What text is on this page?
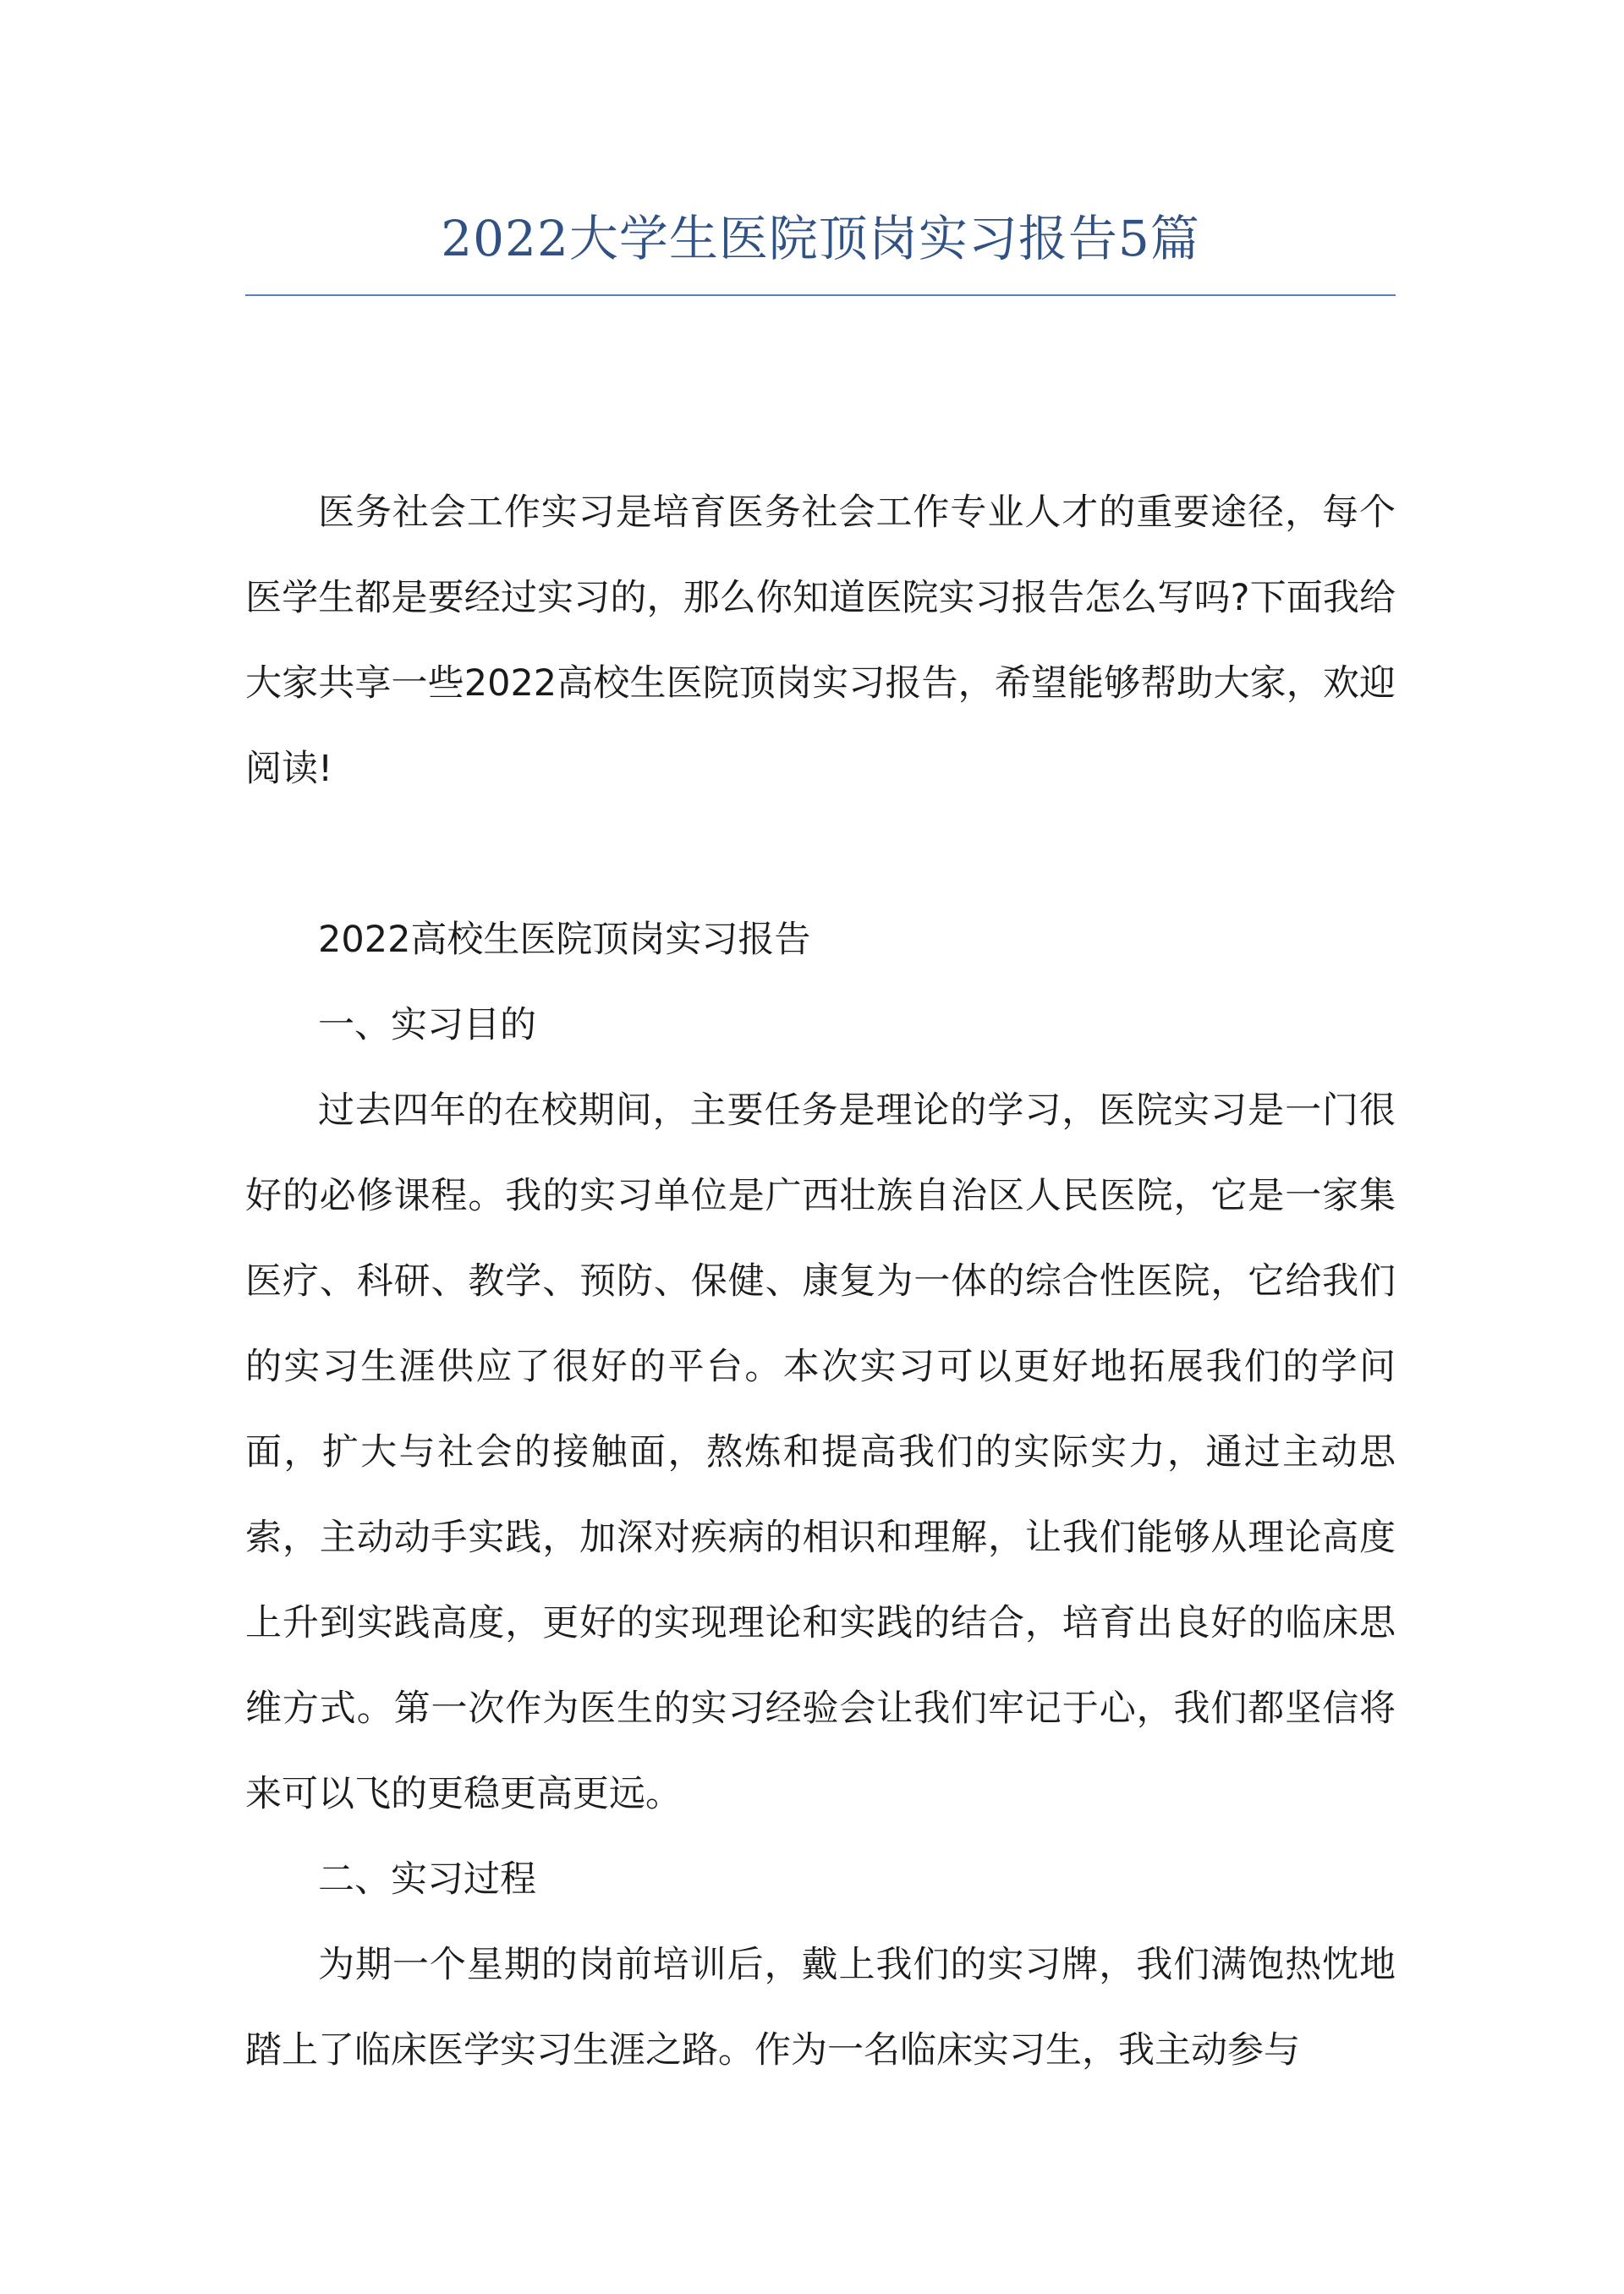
2022大学生医院顶岗实习报告5篇

医务社会工作实习是培育医务社会工作专业人才的重要途径，每个医学生都是要经过实习的，那么你知道医院实习报告怎么写吗?下面我给大家共享一些2022高校生医院顶岗实习报告，希望能够帮助大家，欢迎阅读!

2022高校生医院顶岗实习报告

一、实习目的

过去四年的在校期间，主要任务是理论的学习，医院实习是一门很好的必修课程。我的实习单位是广西壮族自治区人民医院，它是一家集医疗、科研、教学、预防、保健、康复为一体的综合性医院，它给我们的实习生涯供应了很好的平台。本次实习可以更好地拓展我们的学问面，扩大与社会的接触面，熬炼和提高我们的实际实力，通过主动思索，主动动手实践，加深对疾病的相识和理解，让我们能够从理论高度上升到实践高度，更好的实现理论和实践的结合，培育出良好的临床思维方式。第一次作为医生的实习经验会让我们牢记于心，我们都坚信将来可以飞的更稳更高更远。

二、实习过程

为期一个星期的岗前培训后，戴上我们的实习牌，我们满饱热忱地踏上了临床医学实习生涯之路。作为一名临床实习生，我主动参与
